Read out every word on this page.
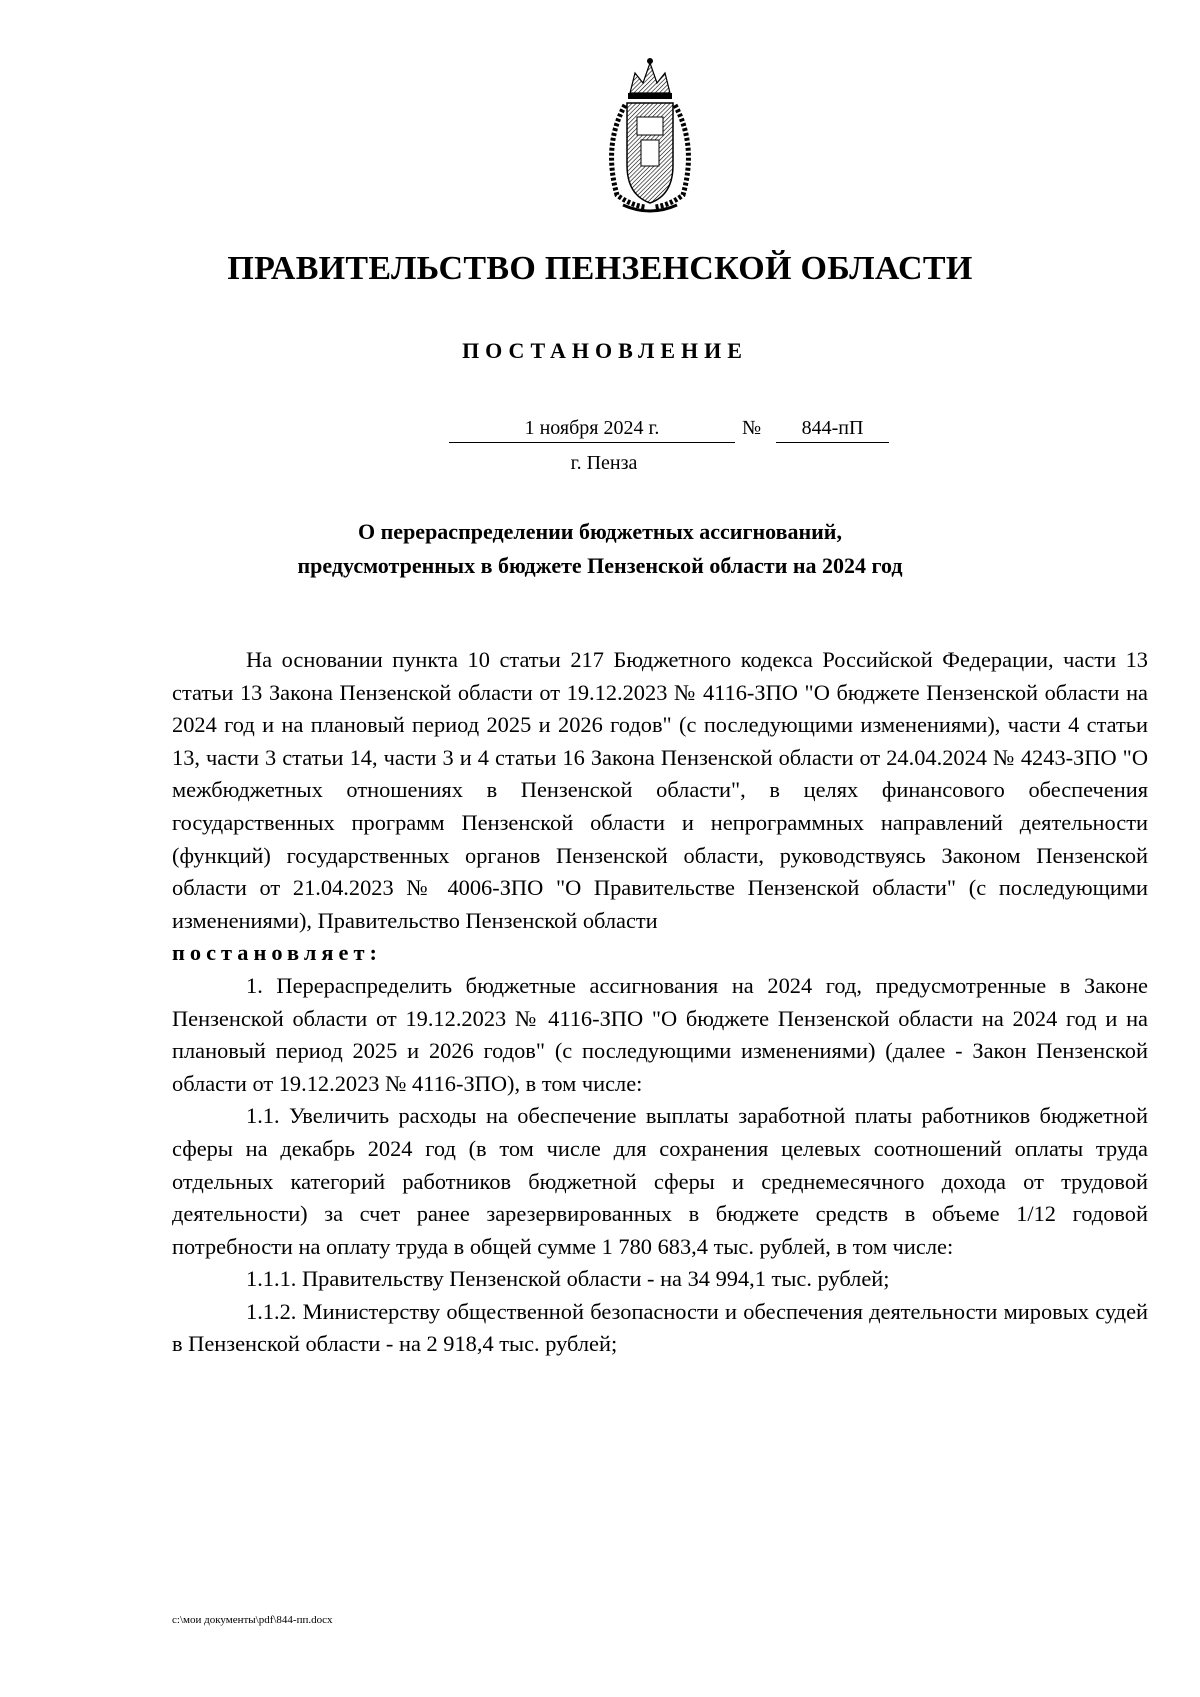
ПРАВИТЕЛЬСТВО ПЕНЗЕНСКОЙ ОБЛАСТИ
ПОСТАНОВЛЕНИЕ
1 ноября 2024 г.	№	844-пП
г. Пенза
О перераспределении бюджетных ассигнований,
предусмотренных в бюджете Пензенской области на 2024 год

На основании пункта 10 статьи 217 Бюджетного кодекса Российской Федерации, части 13 статьи 13 Закона Пензенской области от 19.12.2023 № 4116-ЗПО "О бюджете Пензенской области на 2024 год и на плановый период 2025 и 2026 годов" (с последующими изменениями), части 4 статьи 13, части 3 статьи 14, части 3 и 4 статьи 16 Закона Пензенской области от 24.04.2024 № 4243-ЗПО "О межбюджетных отношениях в Пензенской области", в целях финансового обеспечения государственных программ Пензенской области и непрограммных направлений деятельности (функций) государственных органов Пензенской области, руководствуясь Законом Пензенской области от 21.04.2023 № 4006-ЗПО "О Правительстве Пензенской области" (с последующими изменениями), Правительство Пензенской области

постановляет:

1. Перераспределить бюджетные ассигнования на 2024 год, предусмотренные в Законе Пензенской области от 19.12.2023 № 4116-ЗПО "О бюджете Пензенской области на 2024 год и на плановый период 2025 и 2026 годов" (с последующими изменениями) (далее - Закон Пензенской области от 19.12.2023 № 4116-ЗПО), в том числе:

1.1. Увеличить расходы на обеспечение выплаты заработной платы работников бюджетной сферы на декабрь 2024 год (в том числе для сохранения целевых соотношений оплаты труда отдельных категорий работников бюджетной сферы и среднемесячного дохода от трудовой деятельности) за счет ранее зарезервированных в бюджете средств в объеме 1/12 годовой потребности на оплату труда в общей сумме 1 780 683,4 тыс. рублей, в том числе:

1.1.1. Правительству Пензенской области - на 34 994,1 тыс. рублей;

1.1.2. Министерству общественной безопасности и обеспечения деятельности мировых судей в Пензенской области - на 2 918,4 тыс. рублей;

c:\мои документы\pdf\844-пп.docx
